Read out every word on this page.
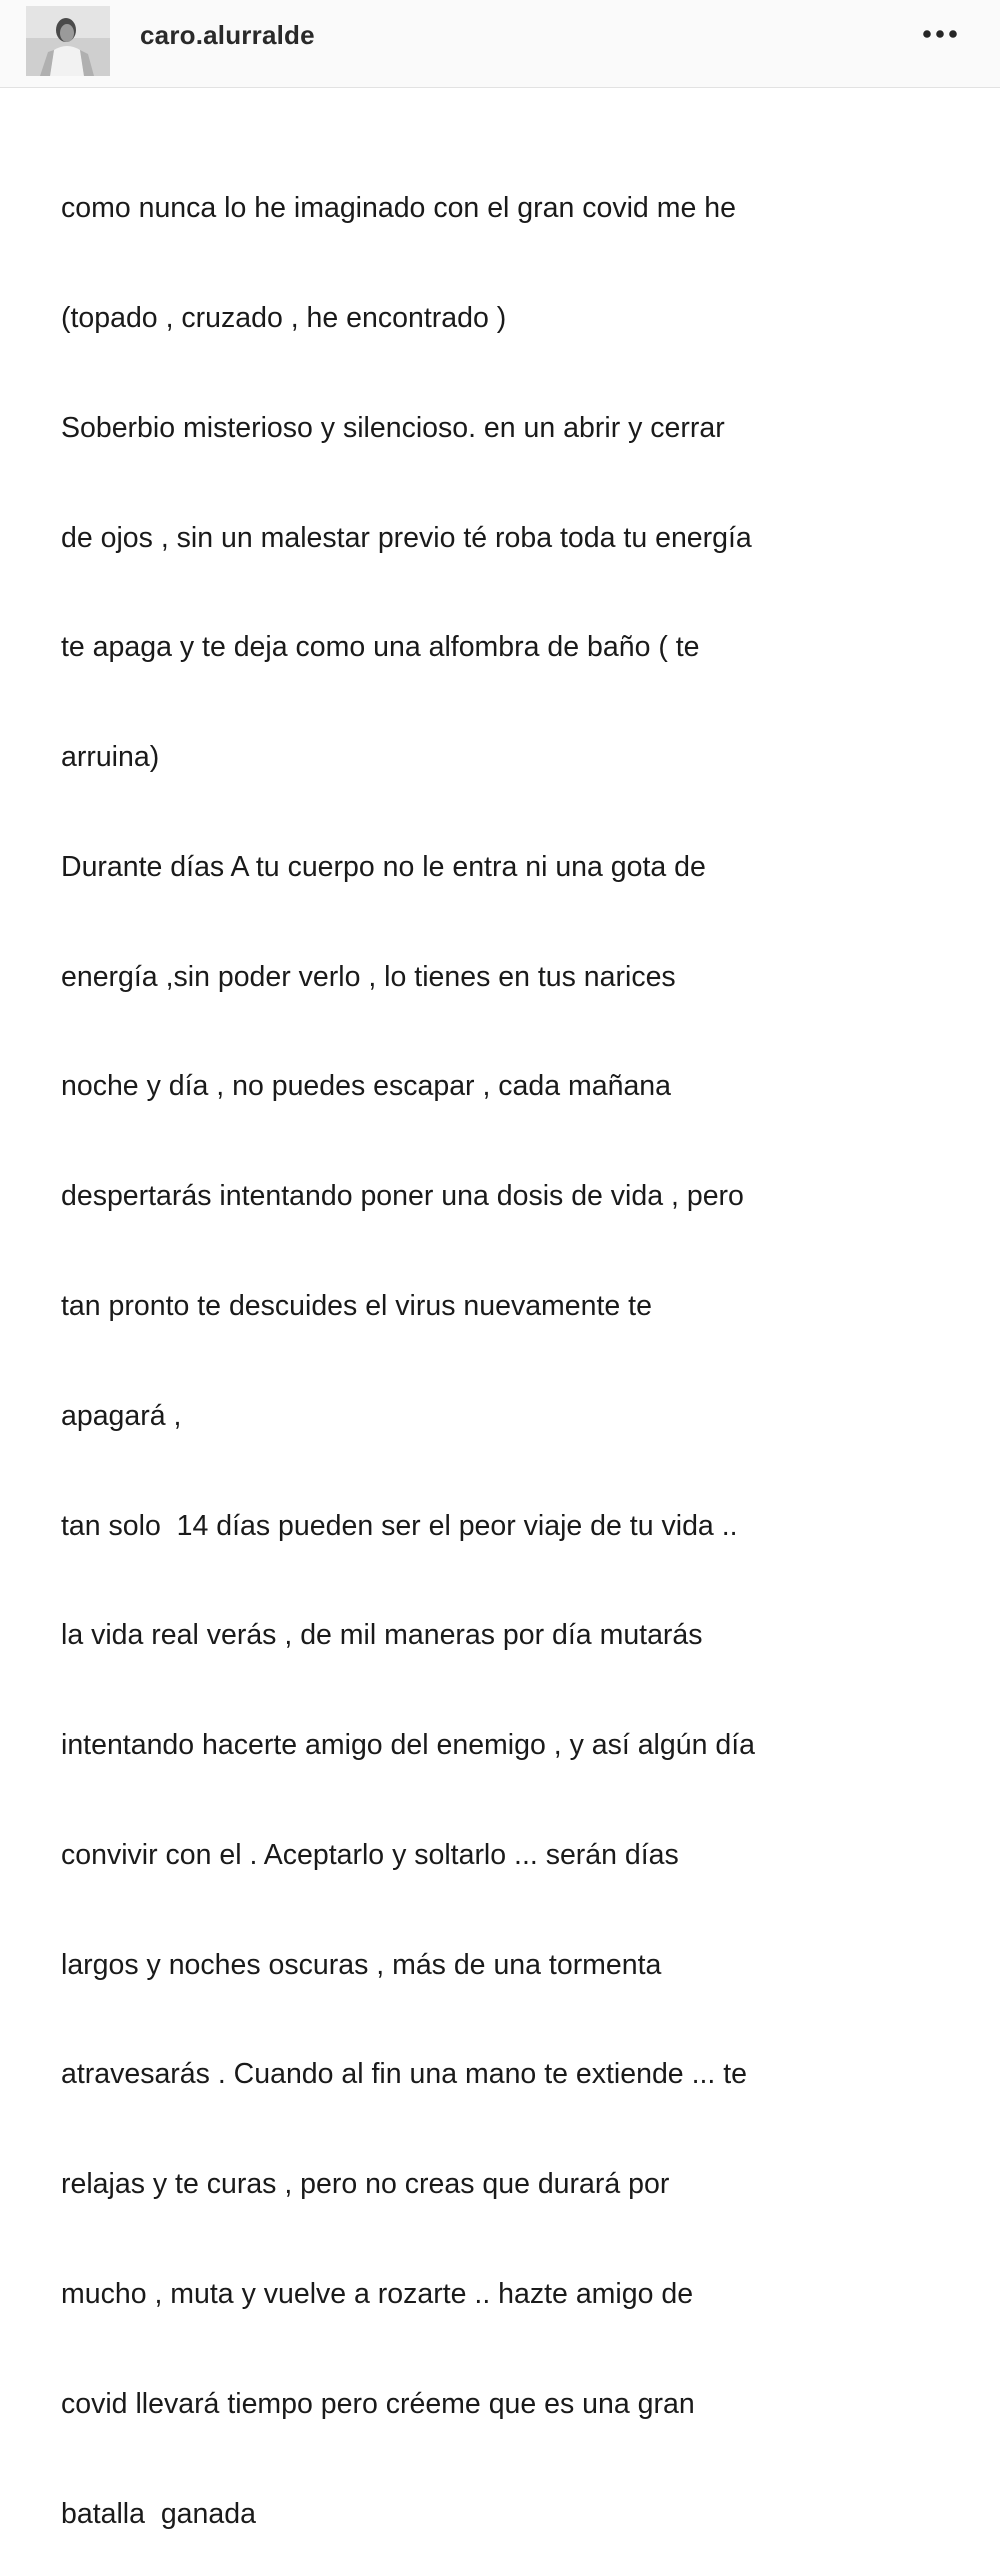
caro.alurralde

como nunca lo he imaginado con el gran covid me he

(topado , cruzado , he encontrado )

Soberbio misterioso y silencioso. en un abrir y cerrar

de ojos , sin un malestar previo té roba toda tu energía

te apaga y te deja como una alfombra de baño ( te

arruina)

Durante días A tu cuerpo no le entra ni una gota de

energía ,sin poder verlo , lo tienes en tus narices

noche y día , no puedes escapar , cada mañana

despertarás intentando poner una dosis de vida , pero

tan pronto te descuides el virus nuevamente te

apagará ,

tan solo  14 días pueden ser el peor viaje de tu vida ..

la vida real verás , de mil maneras por día mutarás

intentando hacerte amigo del enemigo , y así algún día

convivir con el . Aceptarlo y soltarlo ... serán días

largos y noches oscuras , más de una tormenta

atravesarás . Cuando al fin una mano te extiende ... te

relajas y te curas , pero no creas que durará por

mucho , muta y vuelve a rozarte .. hazte amigo de

covid llevará tiempo pero créeme que es una gran

batalla  ganada
